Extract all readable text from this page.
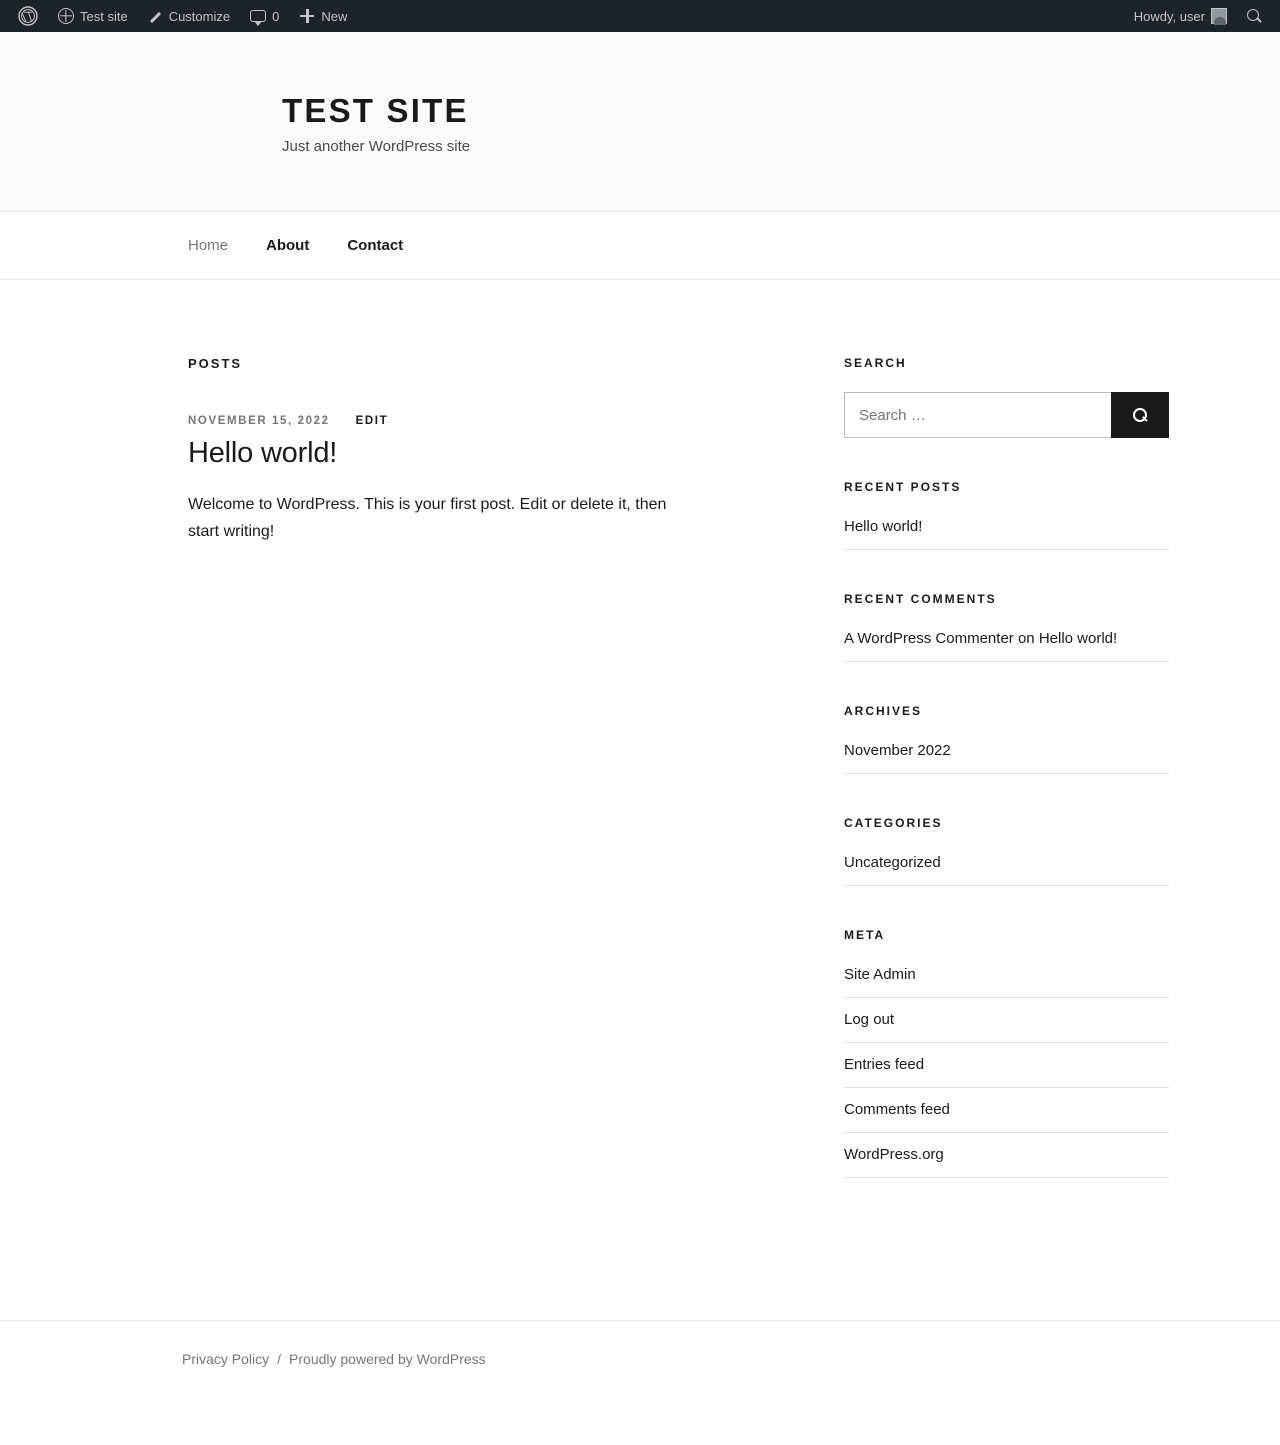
Test site	Customize	0	New	Howdy, user
TEST SITE

Just another WordPress site

Home	About	Contact
POSTS
NOVEMBER 15, 2022 EDIT
Hello world!

Welcome to WordPress. This is your first post. Edit or delete it, then start writing!

SEARCH
Search …
RECENT POSTS
Hello world!
RECENT COMMENTS
A WordPress Commenter on Hello world!
ARCHIVES
November 2022
CATEGORIES
Uncategorized
META
Site Admin
Log out
Entries feed
Comments feed
WordPress.org
Privacy Policy / Proudly powered by WordPress
